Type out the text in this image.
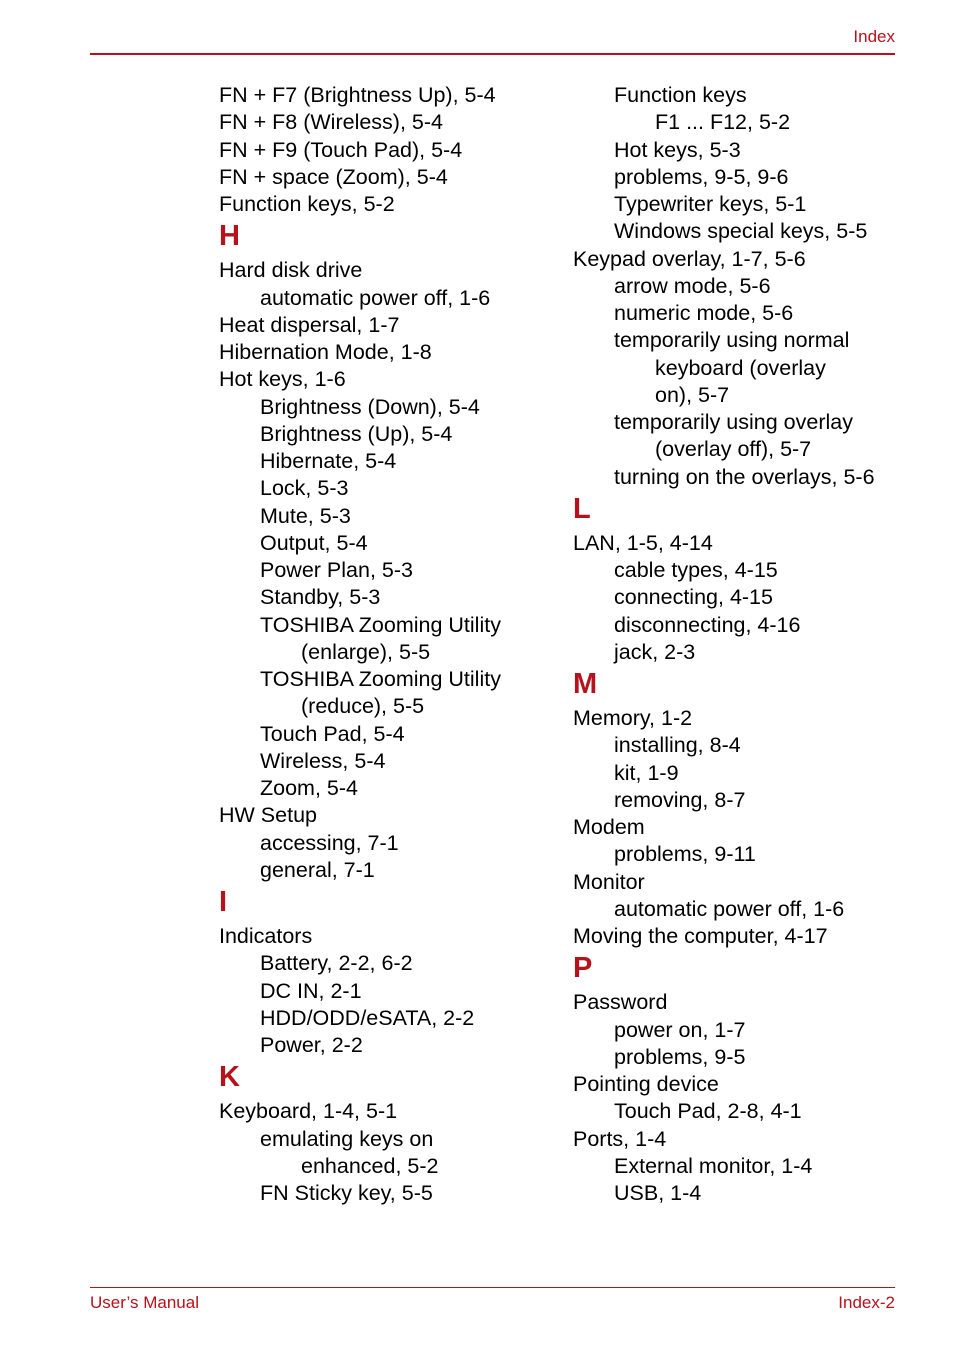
Index
FN + F7 (Brightness Up), 5-4
FN + F8 (Wireless), 5-4
FN + F9 (Touch Pad), 5-4
FN + space (Zoom), 5-4
Function keys, 5-2
H
Hard disk drive
automatic power off, 1-6
Heat dispersal, 1-7
Hibernation Mode, 1-8
Hot keys, 1-6
Brightness (Down), 5-4
Brightness (Up), 5-4
Hibernate, 5-4
Lock, 5-3
Mute, 5-3
Output, 5-4
Power Plan, 5-3
Standby, 5-3
TOSHIBA Zooming Utility
(enlarge), 5-5
TOSHIBA Zooming Utility
(reduce), 5-5
Touch Pad, 5-4
Wireless, 5-4
Zoom, 5-4
HW Setup
accessing, 7-1
general, 7-1
I
Indicators
Battery, 2-2, 6-2
DC IN, 2-1
HDD/ODD/eSATA, 2-2
Power, 2-2
K
Keyboard, 1-4, 5-1
emulating keys on
enhanced, 5-2
FN Sticky key, 5-5
Function keys
F1 ... F12, 5-2
Hot keys, 5-3
problems, 9-5, 9-6
Typewriter keys, 5-1
Windows special keys, 5-5
Keypad overlay, 1-7, 5-6
arrow mode, 5-6
numeric mode, 5-6
temporarily using normal
keyboard (overlay
on), 5-7
temporarily using overlay
(overlay off), 5-7
turning on the overlays, 5-6
L
LAN, 1-5, 4-14
cable types, 4-15
connecting, 4-15
disconnecting, 4-16
jack, 2-3
M
Memory, 1-2
installing, 8-4
kit, 1-9
removing, 8-7
Modem
problems, 9-11
Monitor
automatic power off, 1-6
Moving the computer, 4-17
P
Password
power on, 1-7
problems, 9-5
Pointing device
Touch Pad, 2-8, 4-1
Ports, 1-4
External monitor, 1-4
USB, 1-4
User’s Manual	Index-2
